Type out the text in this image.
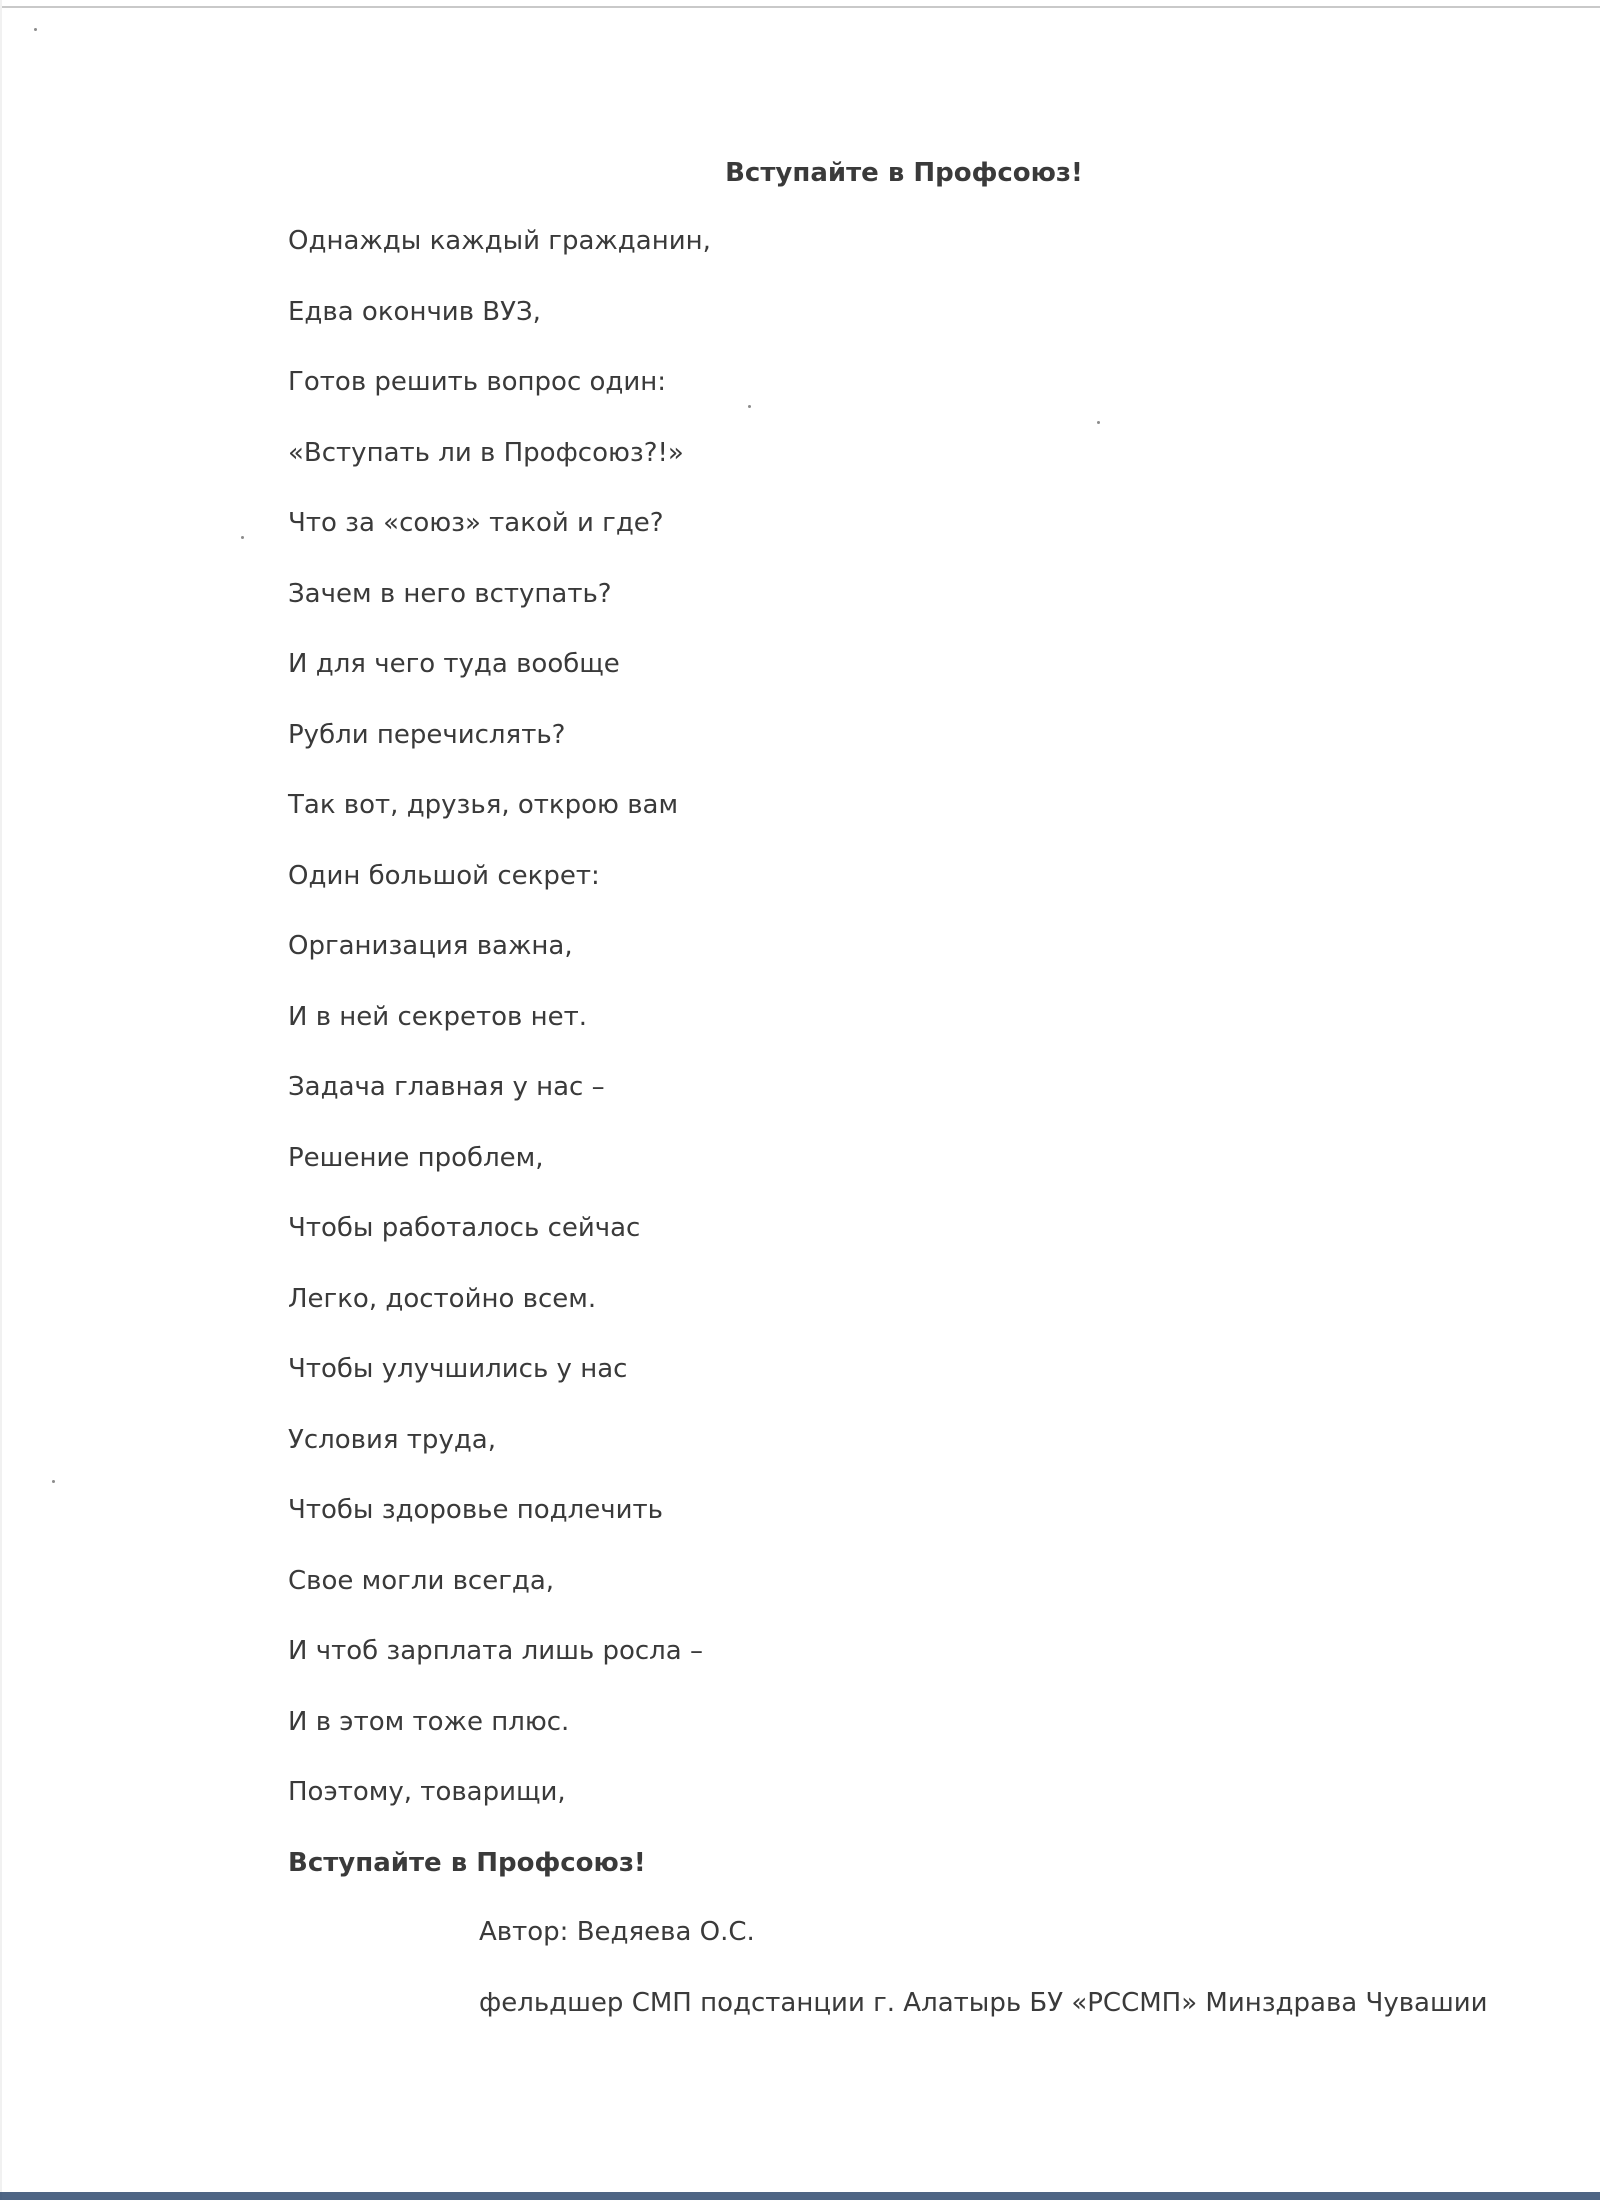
Вступайте в Профсоюз!
Однажды каждый гражданин,
Едва окончив ВУЗ,
Готов решить вопрос один:
«Вступать ли в Профсоюз?!»
Что за «союз» такой и где?
Зачем в него вступать?
И для чего туда вообще
Рубли перечислять?
Так вот, друзья, открою вам
Один большой секрет:
Организация важна,
И в ней секретов нет.
Задача главная у нас –
Решение проблем,
Чтобы работалось сейчас
Легко, достойно всем.
Чтобы улучшились у нас
Условия труда,
Чтобы здоровье подлечить
Свое могли всегда,
И чтоб зарплата лишь росла –
И в этом тоже плюс.
Поэтому, товарищи,
Вступайте в Профсоюз!
Автор: Ведяева О.С.
фельдшер СМП подстанции г. Алатырь БУ «РССМП» Минздрава Чувашии
